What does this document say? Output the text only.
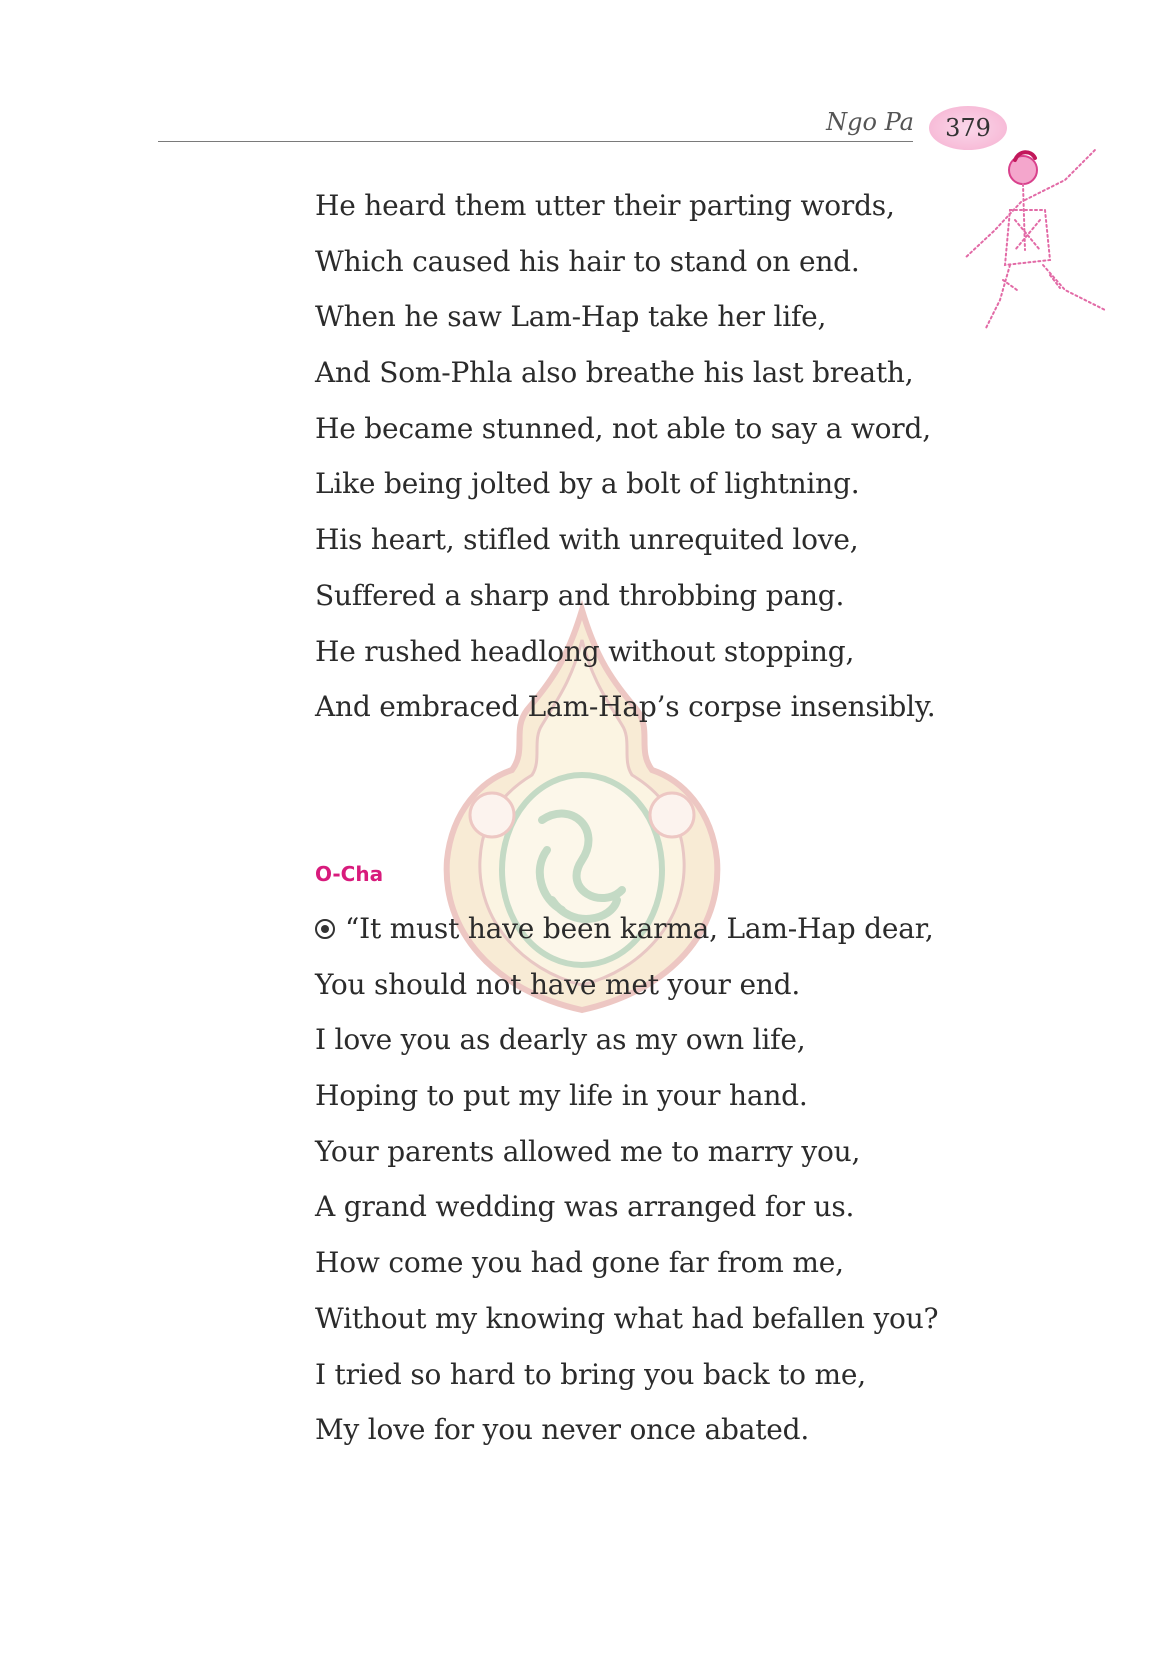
Ngo Pa 379
He heard them utter their parting words,
Which caused his hair to stand on end.
When he saw Lam-Hap take her life,
And Som-Phla also breathe his last breath,
He became stunned, not able to say a word,
Like being jolted by a bolt of lightning.
His heart, stifled with unrequited love,
Suffered a sharp and throbbing pang.
He rushed headlong without stopping,
And embraced Lam-Hap’s corpse insensibly.
O-Cha
“It must have been karma, Lam-Hap dear,
You should not have met your end.
I love you as dearly as my own life,
Hoping to put my life in your hand.
Your parents allowed me to marry you,
A grand wedding was arranged for us.
How come you had gone far from me,
Without my knowing what had befallen you?
I tried so hard to bring you back to me,
My love for you never once abated.
